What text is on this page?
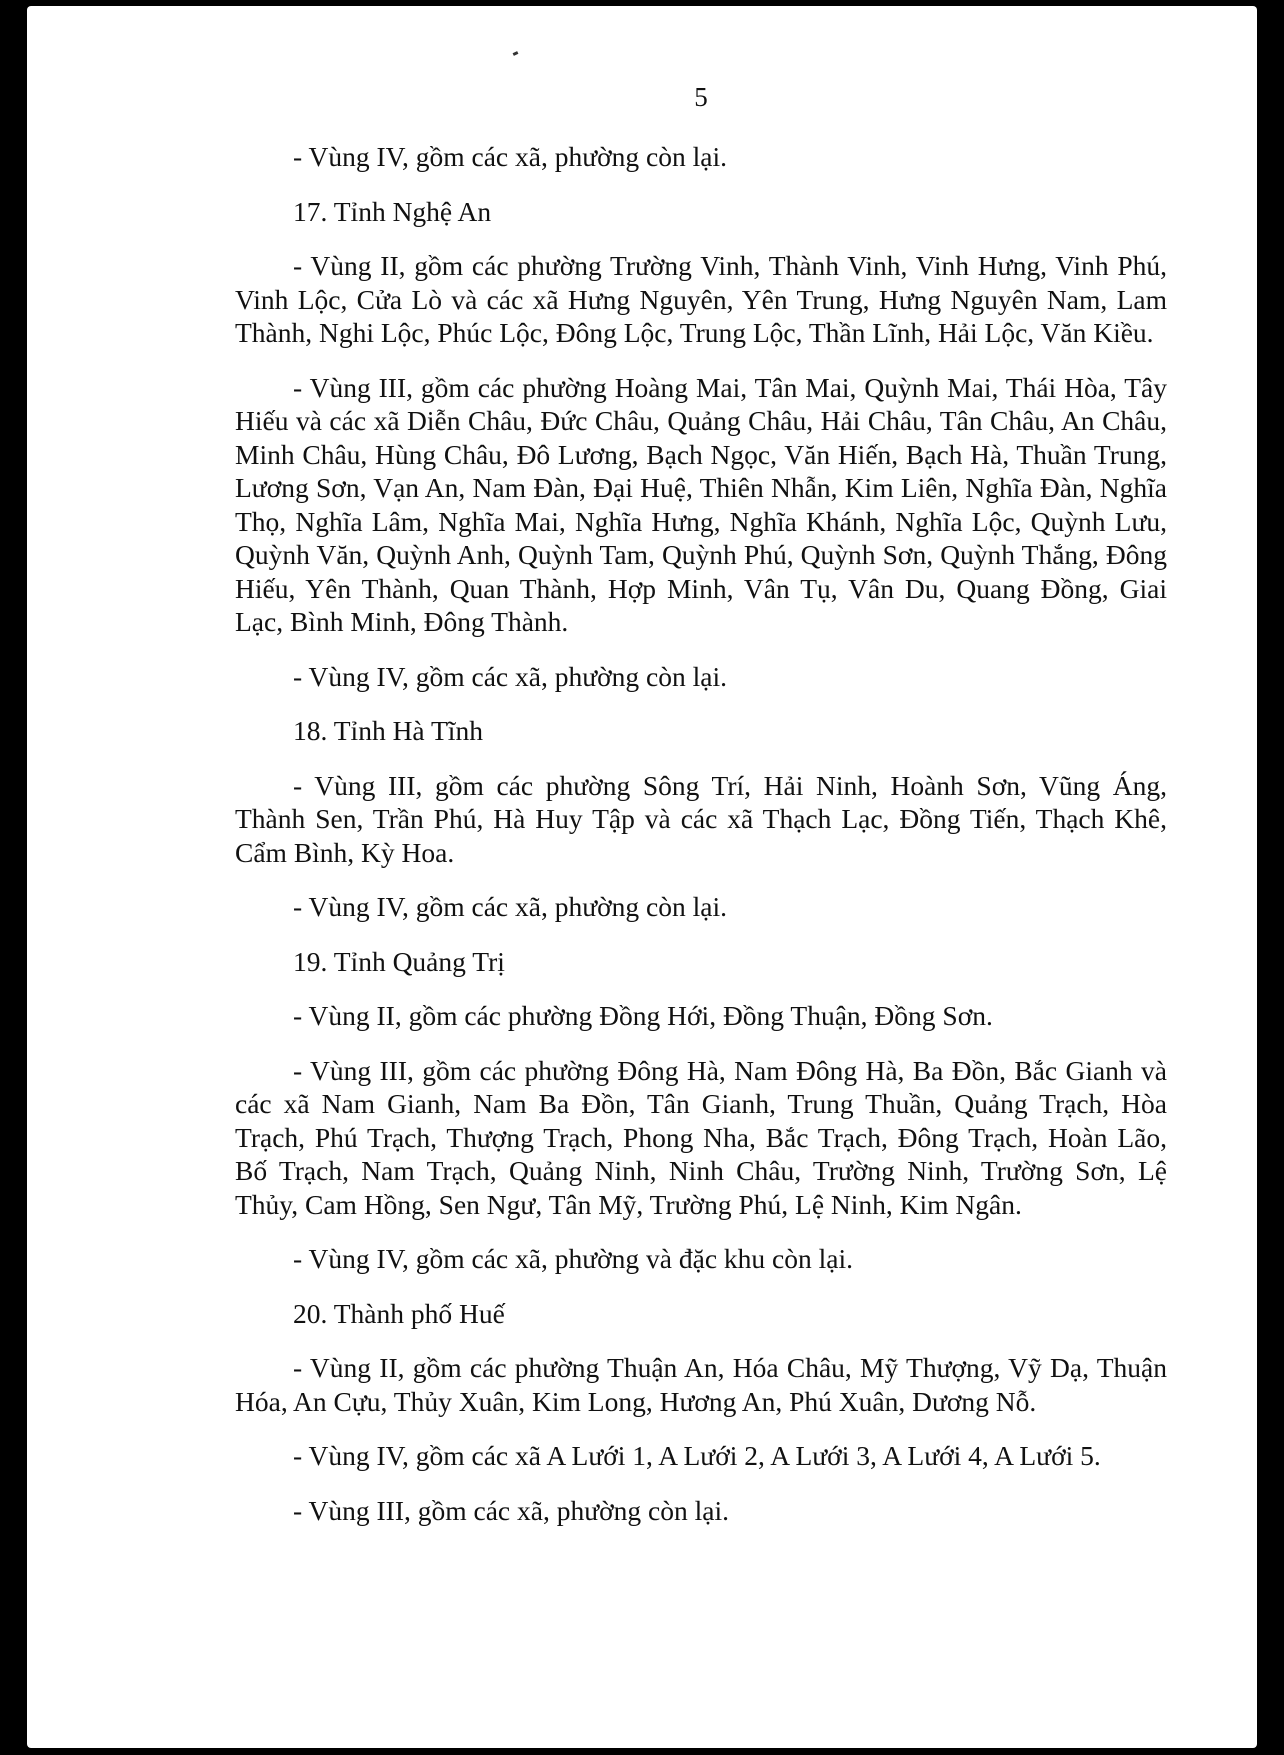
5

- Vùng IV, gồm các xã, phường còn lại.

17. Tỉnh Nghệ An

- Vùng II, gồm các phường Trường Vinh, Thành Vinh, Vinh Hưng, Vinh Phú, Vinh Lộc, Cửa Lò và các xã Hưng Nguyên, Yên Trung, Hưng Nguyên Nam, Lam Thành, Nghi Lộc, Phúc Lộc, Đông Lộc, Trung Lộc, Thần Lĩnh, Hải Lộc, Văn Kiều.

- Vùng III, gồm các phường Hoàng Mai, Tân Mai, Quỳnh Mai, Thái Hòa, Tây Hiếu và các xã Diễn Châu, Đức Châu, Quảng Châu, Hải Châu, Tân Châu, An Châu, Minh Châu, Hùng Châu, Đô Lương, Bạch Ngọc, Văn Hiến, Bạch Hà, Thuần Trung, Lương Sơn, Vạn An, Nam Đàn, Đại Huệ, Thiên Nhẫn, Kim Liên, Nghĩa Đàn, Nghĩa Thọ, Nghĩa Lâm, Nghĩa Mai, Nghĩa Hưng, Nghĩa Khánh, Nghĩa Lộc, Quỳnh Lưu, Quỳnh Văn, Quỳnh Anh, Quỳnh Tam, Quỳnh Phú, Quỳnh Sơn, Quỳnh Thắng, Đông Hiếu, Yên Thành, Quan Thành, Hợp Minh, Vân Tụ, Vân Du, Quang Đồng, Giai Lạc, Bình Minh, Đông Thành.

- Vùng IV, gồm các xã, phường còn lại.

18. Tỉnh Hà Tĩnh

- Vùng III, gồm các phường Sông Trí, Hải Ninh, Hoành Sơn, Vũng Áng, Thành Sen, Trần Phú, Hà Huy Tập và các xã Thạch Lạc, Đồng Tiến, Thạch Khê, Cẩm Bình, Kỳ Hoa.

- Vùng IV, gồm các xã, phường còn lại.

19. Tỉnh Quảng Trị

- Vùng II, gồm các phường Đồng Hới, Đồng Thuận, Đồng Sơn.

- Vùng III, gồm các phường Đông Hà, Nam Đông Hà, Ba Đồn, Bắc Gianh và các xã Nam Gianh, Nam Ba Đồn, Tân Gianh, Trung Thuần, Quảng Trạch, Hòa Trạch, Phú Trạch, Thượng Trạch, Phong Nha, Bắc Trạch, Đông Trạch, Hoàn Lão, Bố Trạch, Nam Trạch, Quảng Ninh, Ninh Châu, Trường Ninh, Trường Sơn, Lệ Thủy, Cam Hồng, Sen Ngư, Tân Mỹ, Trường Phú, Lệ Ninh, Kim Ngân.

- Vùng IV, gồm các xã, phường và đặc khu còn lại.

20. Thành phố Huế

- Vùng II, gồm các phường Thuận An, Hóa Châu, Mỹ Thượng, Vỹ Dạ, Thuận Hóa, An Cựu, Thủy Xuân, Kim Long, Hương An, Phú Xuân, Dương Nỗ.

- Vùng IV, gồm các xã A Lưới 1, A Lưới 2, A Lưới 3, A Lưới 4, A Lưới 5.

- Vùng III, gồm các xã, phường còn lại.
